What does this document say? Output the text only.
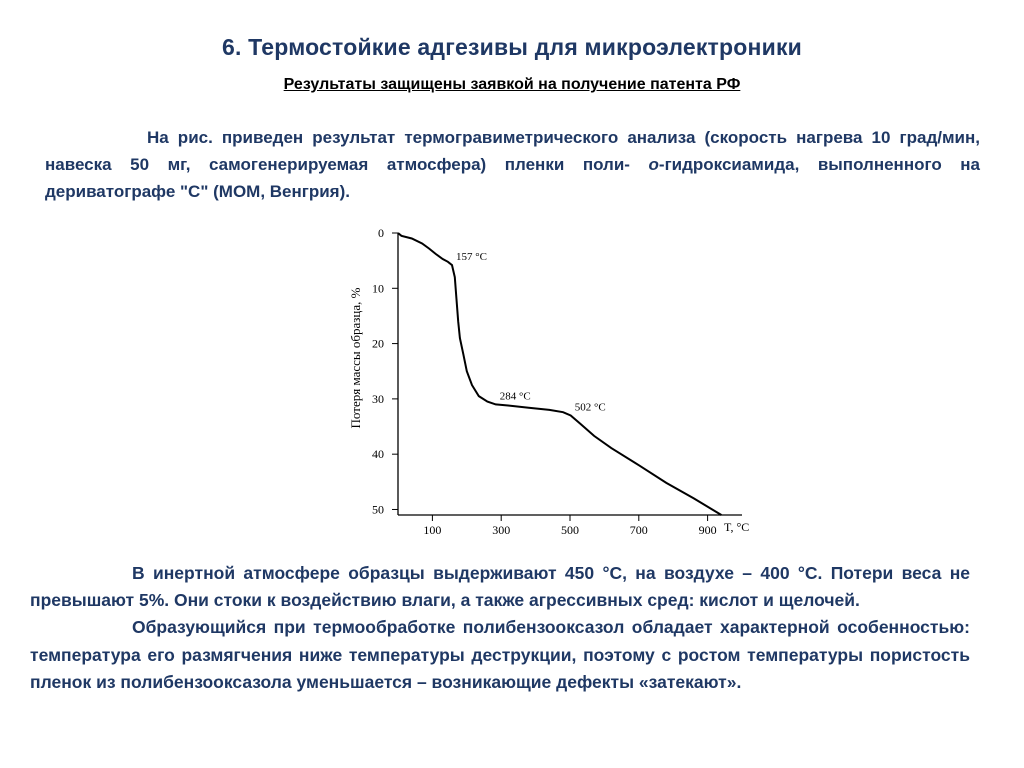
6. Термостойкие адгезивы для микроэлектроники
Результаты защищены заявкой на получение патента РФ
На рис. приведен результат термогравиметрического анализа (скорость нагрева 10 град/мин, навеска 50 мг, самогенерируемая атмосфера) пленки поли- о-гидроксиамида, выполненного на дериватографе "С" (МОМ, Венгрия).
0
10
20
30
40
50
100	300	500	700	900
157 °C
284 °C
502 °C
Потеря массы образца, %
T, °C

В инертной атмосфере образцы выдерживают 450 °С, на воздухе – 400 °С. Потери веса не превышают 5%. Они стоки к воздействию влаги, а также агрессивных сред: кислот и щелочей.

Образующийся при термообработке полибензооксазол обладает характерной особенностью: температура его размягчения ниже температуры деструкции, поэтому с ростом температуры пористость пленок из полибензооксазола уменьшается – возникающие дефекты «затекают».
